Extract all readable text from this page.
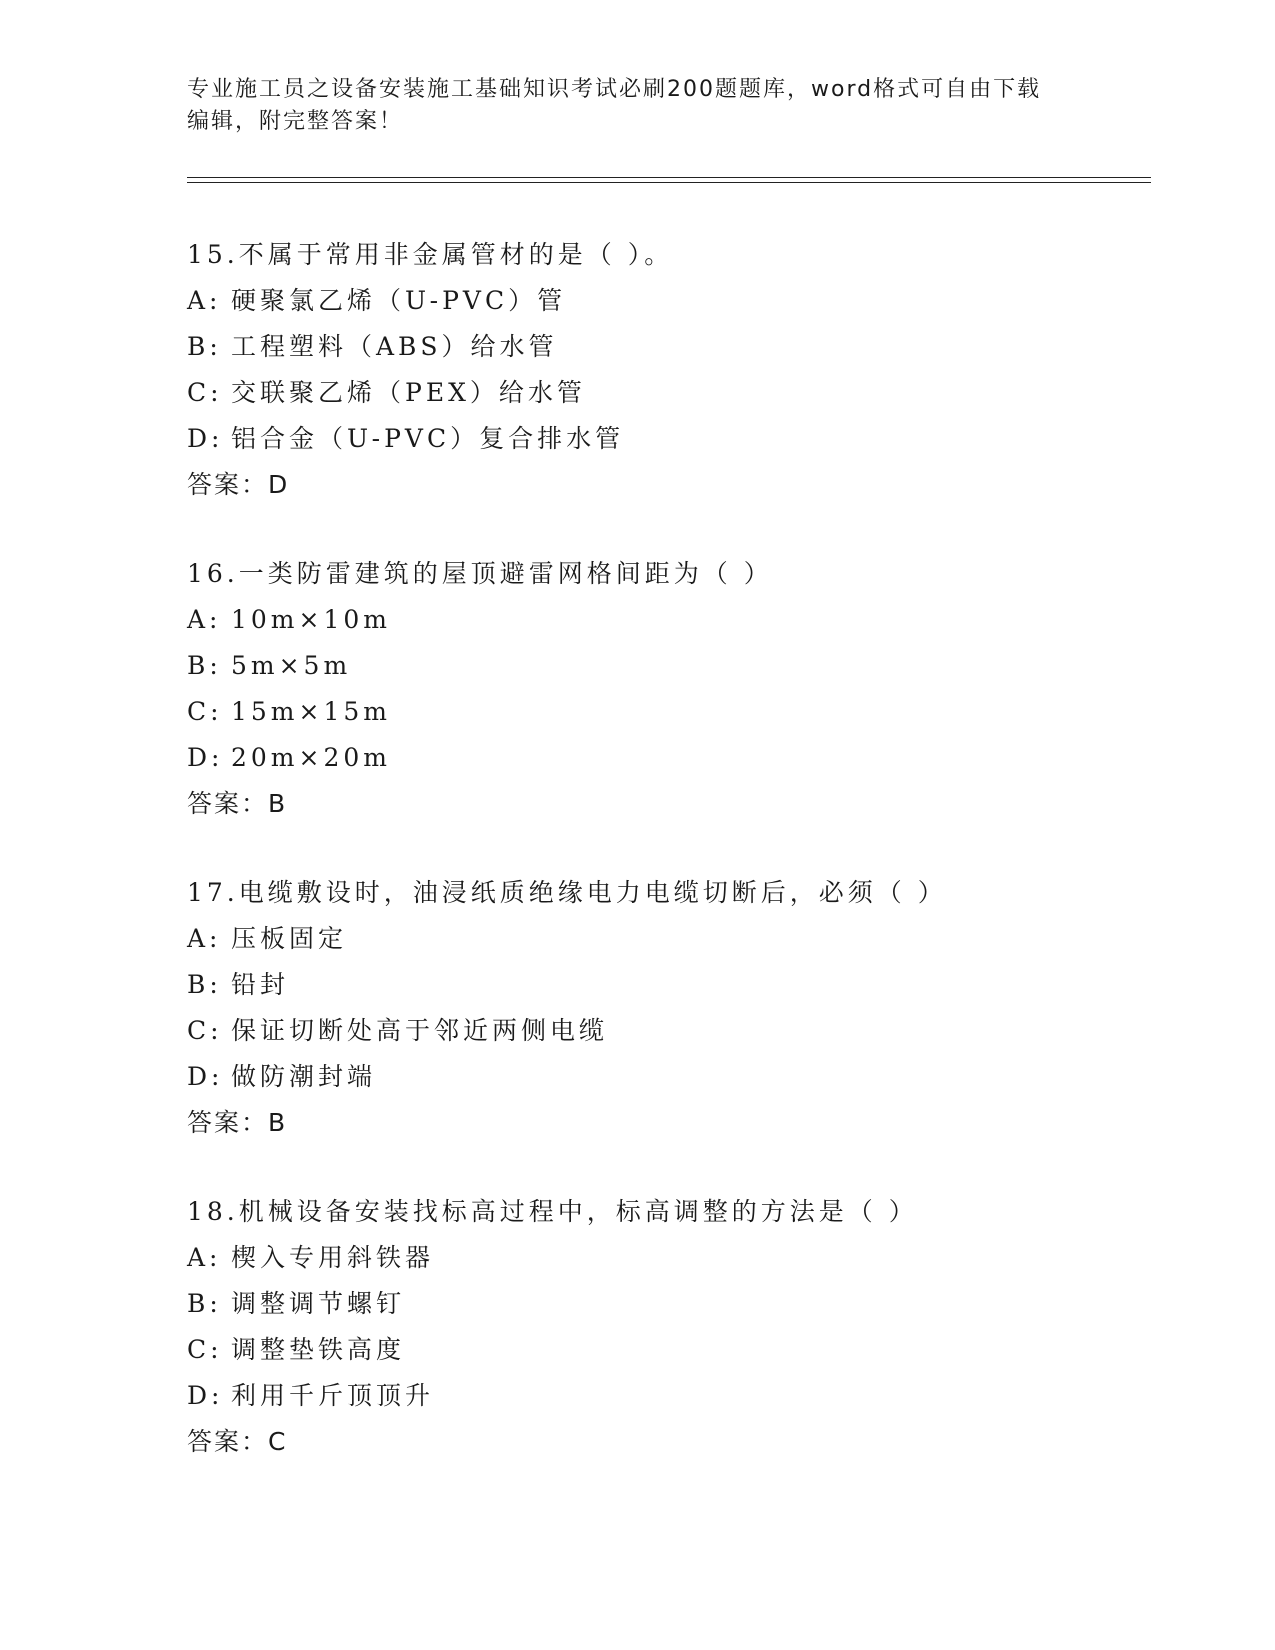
专业施工员之设备安装施工基础知识考试必刷200题题库，word格式可自由下载
编辑，附完整答案！
15.不属于常用非金属管材的是（ ）。
A: 硬聚氯乙烯（U-PVC）管
B: 工程塑料（ABS）给水管
C: 交联聚乙烯（PEX）给水管
D: 铝合金（U-PVC）复合排水管
答案：D
16.一类防雷建筑的屋顶避雷网格间距为（ ）
A: 10m×10m
B: 5m×5m
C: 15m×15m
D: 20m×20m
答案：B
17.电缆敷设时，油浸纸质绝缘电力电缆切断后，必须（ ）
A: 压板固定
B: 铅封
C: 保证切断处高于邻近两侧电缆
D: 做防潮封端
答案：B
18.机械设备安装找标高过程中，标高调整的方法是（ ）
A: 楔入专用斜铁器
B: 调整调节螺钉
C: 调整垫铁高度
D: 利用千斤顶顶升
答案：C
